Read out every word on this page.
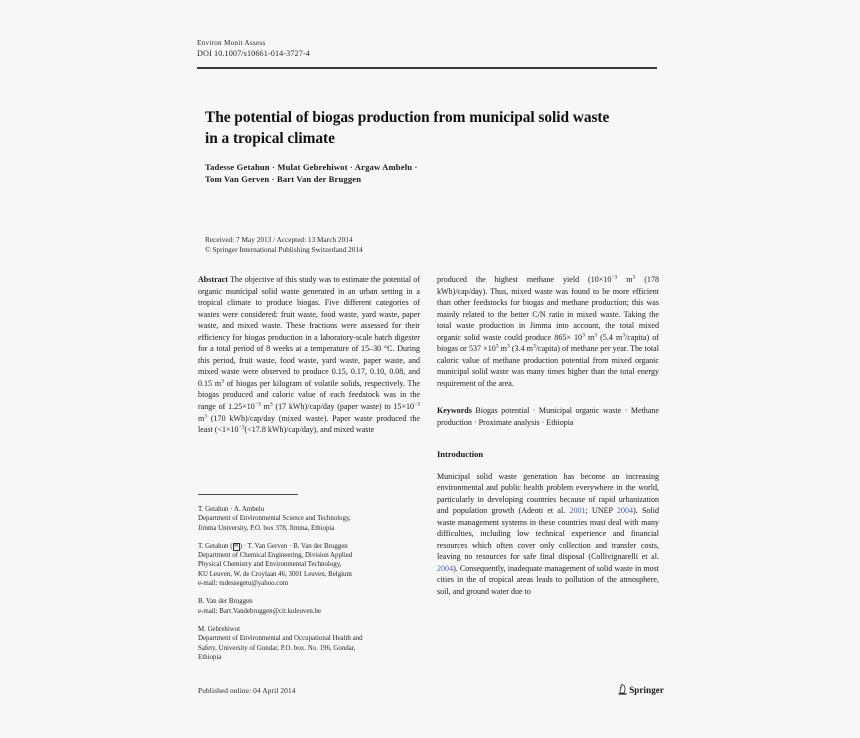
Environ Monit Assess
DOI 10.1007/s10661-014-3727-4
The potential of biogas production from municipal solid waste in a tropical climate
Tadesse Getahun · Mulat Gebrehiwot · Argaw Ambelu · Tom Van Gerven · Bart Van der Bruggen
Received: 7 May 2013 / Accepted: 13 March 2014
© Springer International Publishing Switzerland 2014

Abstract The objective of this study was to estimate the potential of organic municipal solid waste generated in an urban setting in a tropical climate to produce biogas. Five different categories of wastes were considered: fruit waste, food waste, yard waste, paper waste, and mixed waste. These fractions were assessed for their efficiency for biogas production in a laboratory-scale batch digester for a total period of 8 weeks at a temperature of 15–30 °C. During this period, fruit waste, food waste, yard waste, paper waste, and mixed waste were observed to produce 0.15, 0.17, 0.10, 0.08, and 0.15 $m^3$ of biogas per kilogram of volatile solids, respectively. The biogas produced and caloric value of each feedstock was in the range of $1.25\times 10^{-3}$ $m^3$ (17 kWh)/cap/day (paper waste) to $15\times 10^{-3}$ $m^3$ (170 kWh)/cap/day (mixed waste). Paper waste produced the least ($<1\times 10^{-3}(<17.8$ kWh)/cap/day), and mixed waste

T. Getahun · A. Ambelu
Department of Environmental Science and Technology,
Jimma University, P.O. box 378, Jimma, Ethiopia
T. Getahun ( ✉ ) · T. Van Gerven · B. Van der Bruggen
Department of Chemical Engineering, Division Applied
Physical Chemistry and Environmental Technology,
KU Leuven, W. de Croylaan 46, 3001 Leuven, Belgium
e-mail: tudessegetu@yahoo.com
B. Van der Bruggen
e-mail: Bart.Vandebruggen@cit.kuleuven.be
M. Gebrehiwot
Department of Environmental and Occupational Health and
Safety, University of Gondar, P.O. box. No. 196, Gondar,
Ethiopia

produced the highest methane yield ($10\times 10^{-3}$ $m^3$ (178 kWh)/cap/day). Thus, mixed waste was found to be more efficient than other feedstocks for biogas and methane production; this was mainly related to the better C/N ratio in mixed waste. Taking the total waste production in Jimma into account, the total mixed organic solid waste could produce $865\times 10^3$ $m^3$ (5.4 $m^3/capita$) of biogas or $537 \times 10^3$ $m^3$ (3.4 $m^3/capita$) of methane per year. The total caloric value of methane production potential from mixed organic municipal solid waste was many times higher than the total energy requirement of the area.

Keywords Biogas potential · Municipal organic waste · Methane production · Proximate analysis · Ethiopia

Introduction

Municipal solid waste generation has become an increasing environmental and public health problem everywhere in the world, particularly in developing countries because of rapid urbanization and population growth (Adeoti et al. 2001; UNEP 2004). Solid waste management systems in these countries must deal with many difficulties, including low technical experience and financial resources which often cover only collection and transfer costs, leaving no resources for safe final disposal (Collivignarelli et al. 2004). Consequently, inadequate management of solid waste in most cities in the of tropical areas leads to pollution of the atmosphere, soil, and ground water due to

Published online: 04 April 2014	Springer
